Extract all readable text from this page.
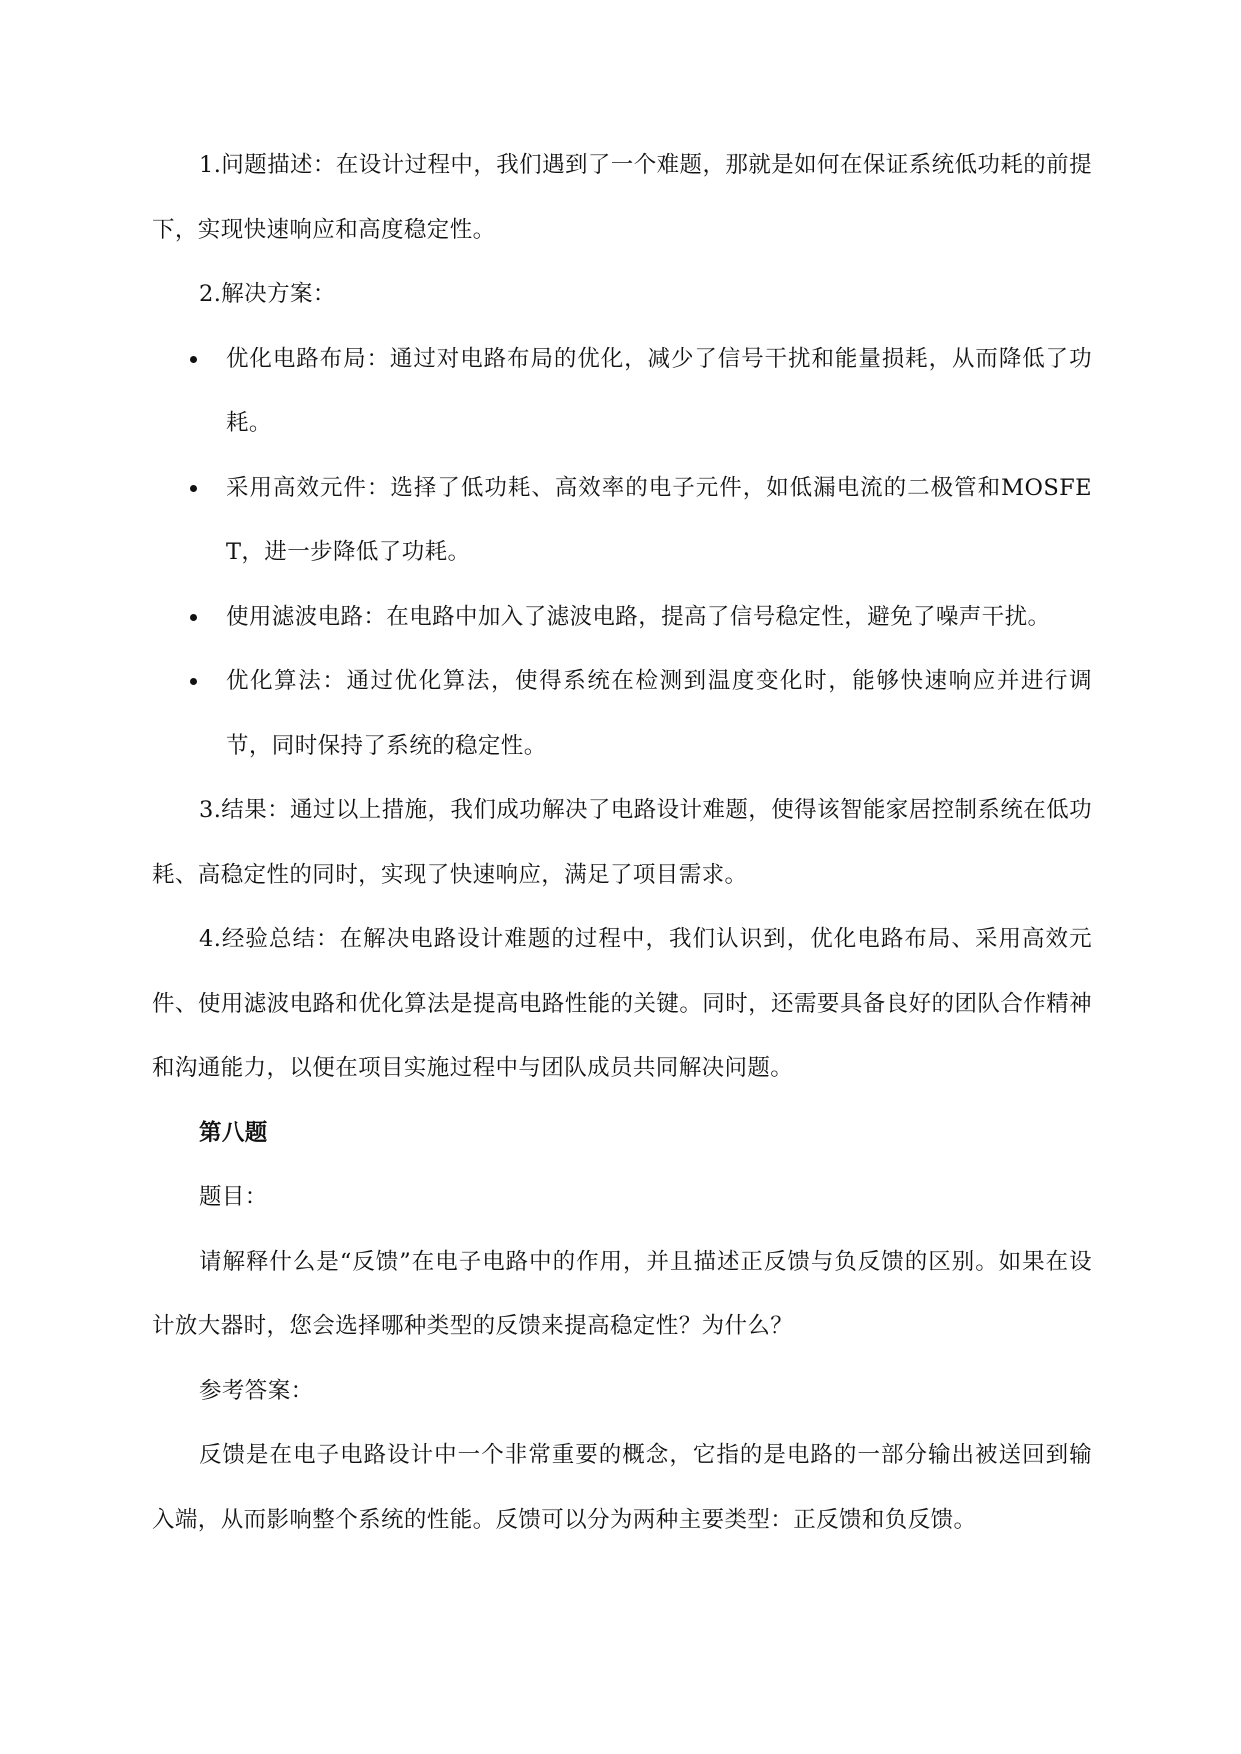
1.问题描述：在设计过程中，我们遇到了一个难题，那就是如何在保证系统低功耗的前提下，实现快速响应和高度稳定性。

2.解决方案：

优化电路布局：通过对电路布局的优化，减少了信号干扰和能量损耗，从而降低了功耗。
采用高效元件：选择了低功耗、高效率的电子元件，如低漏电流的二极管和MOSFET，进一步降低了功耗。
使用滤波电路：在电路中加入了滤波电路，提高了信号稳定性，避免了噪声干扰。
优化算法：通过优化算法，使得系统在检测到温度变化时，能够快速响应并进行调节，同时保持了系统的稳定性。

3.结果：通过以上措施，我们成功解决了电路设计难题，使得该智能家居控制系统在低功耗、高稳定性的同时，实现了快速响应，满足了项目需求。

4.经验总结：在解决电路设计难题的过程中，我们认识到，优化电路布局、采用高效元件、使用滤波电路和优化算法是提高电路性能的关键。同时，还需要具备良好的团队合作精神和沟通能力，以便在项目实施过程中与团队成员共同解决问题。

第八题

题目：

请解释什么是“反馈”在电子电路中的作用，并且描述正反馈与负反馈的区别。如果在设计放大器时，您会选择哪种类型的反馈来提高稳定性？为什么？

参考答案：

反馈是在电子电路设计中一个非常重要的概念，它指的是电路的一部分输出被送回到输入端，从而影响整个系统的性能。反馈可以分为两种主要类型：正反馈和负反馈。
